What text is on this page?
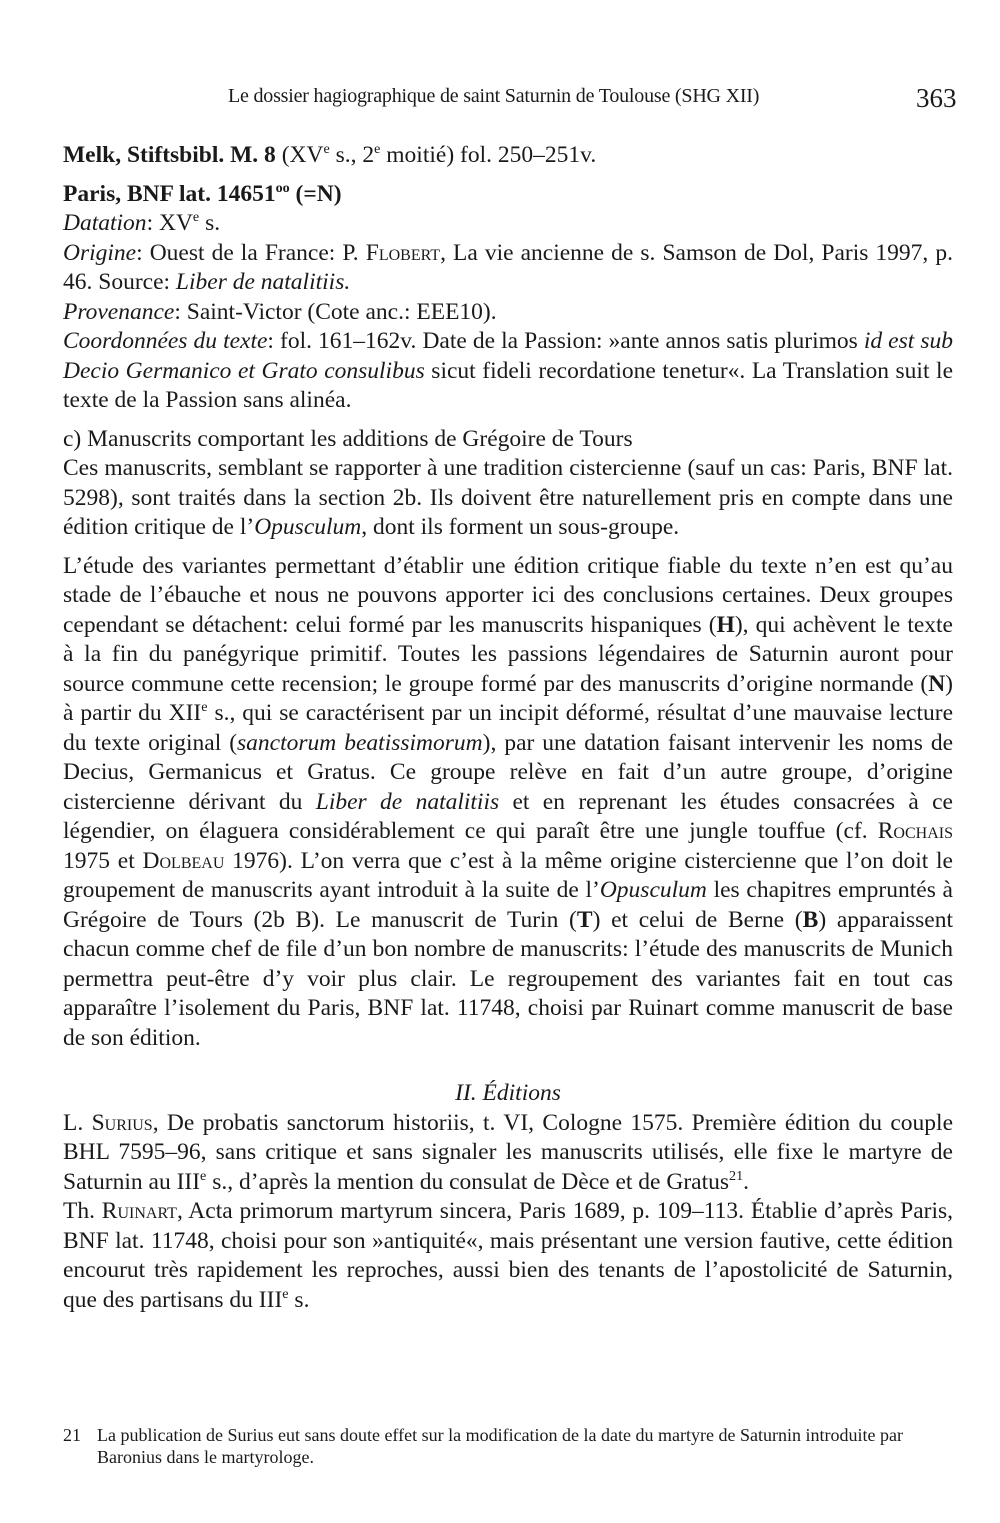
Le dossier hagiographique de saint Saturnin de Toulouse (SHG XII)	363

Melk, Stiftsbibl. M. 8 (XVe s., 2e moitié) fol. 250–251v.

Paris, BNF lat. $14651^{oo}$ (=N)

Datation: XVe s.

Origine: Ouest de la France: P. Flobert, La vie ancienne de s. Samson de Dol, Paris 1997, p. 46. Source: Liber de natalitiis.

Provenance: Saint-Victor (Cote anc.: EEE10).

Coordonnées du texte: fol. 161–162v. Date de la Passion: »ante annos satis plurimos id est sub Decio Germanico et Grato consulibus sicut fideli recordatione tenetur«. La Translation suit le texte de la Passion sans alinéa.

c) Manuscrits comportant les additions de Grégoire de Tours

Ces manuscrits, semblant se rapporter à une tradition cistercienne (sauf un cas: Paris, BNF lat. 5298), sont traités dans la section 2b. Ils doivent être naturellement pris en compte dans une édition critique de l’Opusculum, dont ils forment un sous-groupe.

L’étude des variantes permettant d’établir une édition critique fiable du texte n’en est qu’au stade de l’ébauche et nous ne pouvons apporter ici des conclusions certaines. Deux groupes cependant se détachent: celui formé par les manuscrits hispaniques (H), qui achèvent le texte à la fin du panégyrique primitif. Toutes les passions légendaires de Saturnin auront pour source commune cette recension; le groupe formé par des manuscrits d’origine normande (N) à partir du XIIe s., qui se caractérisent par un incipit déformé, résultat d’une mauvaise lecture du texte original (sanctorum beatissimorum), par une datation faisant intervenir les noms de Decius, Germanicus et Gratus. Ce groupe relève en fait d’un autre groupe, d’origine cistercienne dérivant du Liber de natalitiis et en reprenant les études consacrées à ce légendier, on élaguera considérablement ce qui paraît être une jungle touffue (cf. Rochais 1975 et Dolbeau 1976). L’on verra que c’est à la même origine cistercienne que l’on doit le groupement de manuscrits ayant introduit à la suite de l’Opusculum les chapitres empruntés à Grégoire de Tours (2b B). Le manuscrit de Turin (T) et celui de Berne (B) apparaissent chacun comme chef de file d’un bon nombre de manuscrits: l’étude des manuscrits de Munich permettra peut-être d’y voir plus clair. Le regroupement des variantes fait en tout cas apparaître l’isolement du Paris, BNF lat. 11748, choisi par Ruinart comme manuscrit de base de son édition.

II. Éditions

L. Surius, De probatis sanctorum historiis, t. VI, Cologne 1575. Première édition du couple BHL 7595–96, sans critique et sans signaler les manuscrits utilisés, elle fixe le martyre de Saturnin au IIIe s., d’après la mention du consulat de Dèce et de Gratus$^{21}$.

Th. Ruinart, Acta primorum martyrum sincera, Paris 1689, p. 109–113. Établie d’après Paris, BNF lat. 11748, choisi pour son »antiquité«, mais présentant une version fautive, cette édition encourut très rapidement les reproches, aussi bien des tenants de l’apostolicité de Saturnin, que des partisans du IIIe s.

21 La publication de Surius eut sans doute effet sur la modification de la date du martyre de Saturnin introduite par Baronius dans le martyrologe.
